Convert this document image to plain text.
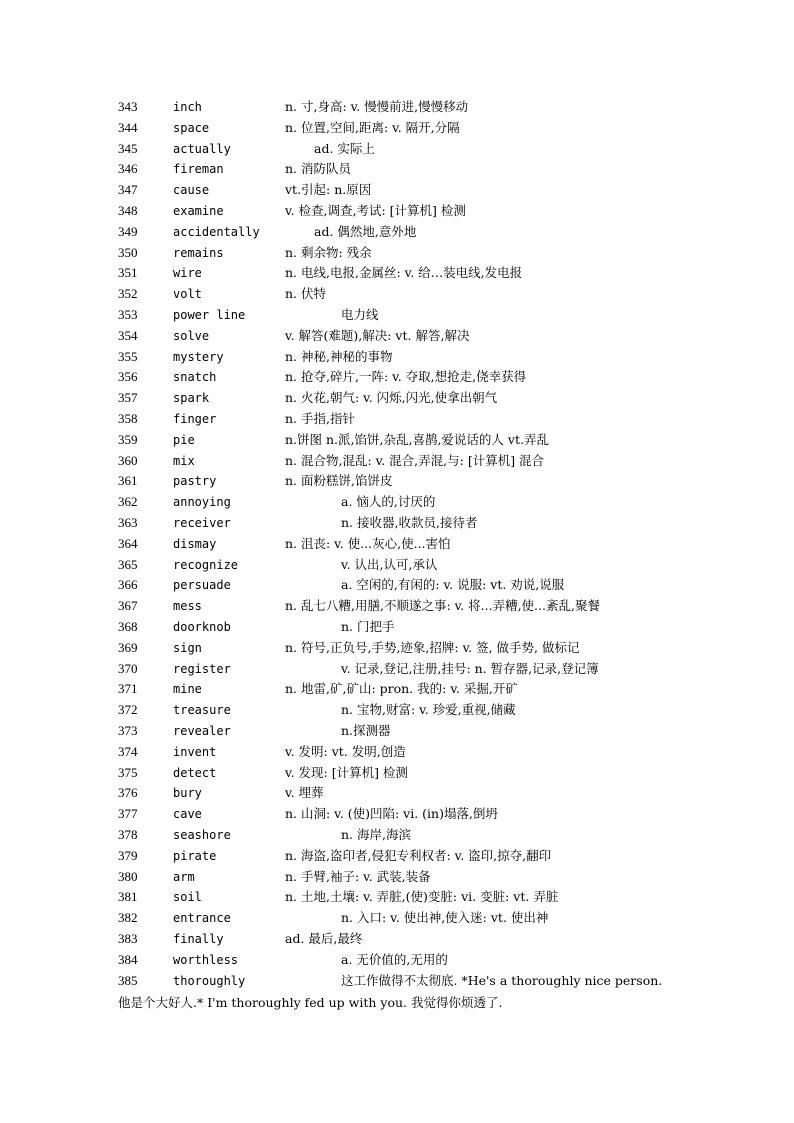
343	inch	n. 寸,身高: v. 慢慢前进,慢慢移动
344	space	n. 位置,空间,距离: v. 隔开,分隔
345	actually	ad. 实际上
346	fireman	n. 消防队员
347	cause	vt.引起: n.原因
348	examine	v. 检查,调查,考试: [计算机] 检测
349	accidentally	ad. 偶然地,意外地
350	remains	n. 剩余物: 残余
351	wire	n. 电线,电报,金属丝: v. 给…装电线,发电报
352	volt	n. 伏特
353	power line	电力线
354	solve	v. 解答(难题),解决: vt. 解答,解决
355	mystery	n. 神秘,神秘的事物
356	snatch	n. 抢夺,碎片,一阵: v. 夺取,想抢走,侥幸获得
357	spark	n. 火花,朝气: v. 闪烁,闪光,使拿出朝气
358	finger	n. 手指,指针
359	pie	n.饼图 n.派,馅饼,杂乱,喜鹊,爱说话的人 vt.弄乱
360	mix	n. 混合物,混乱: v. 混合,弄混,与: [计算机] 混合
361	pastry	n. 面粉糕饼,馅饼皮
362	annoying	a. 恼人的,讨厌的
363	receiver	n. 接收器,收款员,接待者
364	dismay	n. 沮丧: v. 使...灰心,使...害怕
365	recognize	v. 认出,认可,承认
366	persuade	a. 空闲的,有闲的: v. 说服: vt. 劝说,说服
367	mess	n. 乱七八糟,用膳,不顺遂之事: v. 将...弄糟,使...紊乱,聚餐
368	doorknob	n. 门把手
369	sign	n. 符号,正负号,手势,迹象,招牌: v. 签, 做手势, 做标记
370	register	v. 记录,登记,注册,挂号: n. 暂存器,记录,登记簿
371	mine	n. 地雷,矿,矿山: pron. 我的: v. 采掘,开矿
372	treasure	n. 宝物,财富: v. 珍爱,重视,储藏
373	revealer	n.探测器
374	invent	v. 发明: vt. 发明,创造
375	detect	v. 发现: [计算机] 检测
376	bury	v. 埋葬
377	cave	n. 山洞: v. (使)凹陷: vi. (in)塌落,倒坍
378	seashore	n. 海岸,海滨
379	pirate	n. 海盗,盗印者,侵犯专利权者: v. 盗印,掠夺,翻印
380	arm	n. 手臂,袖子: v. 武装,装备
381	soil	n. 土地,土壤: v. 弄脏,(使)变脏: vi. 变脏: vt. 弄脏
382	entrance	n. 入口: v. 使出神,使入迷: vt. 使出神
383	finally	ad. 最后,最终
384	worthless	a. 无价值的,无用的
385	thoroughly	这工作做得不太彻底. *He's a thoroughly nice person.
他是个大好人.* I'm thoroughly fed up with you. 我觉得你烦透了.
